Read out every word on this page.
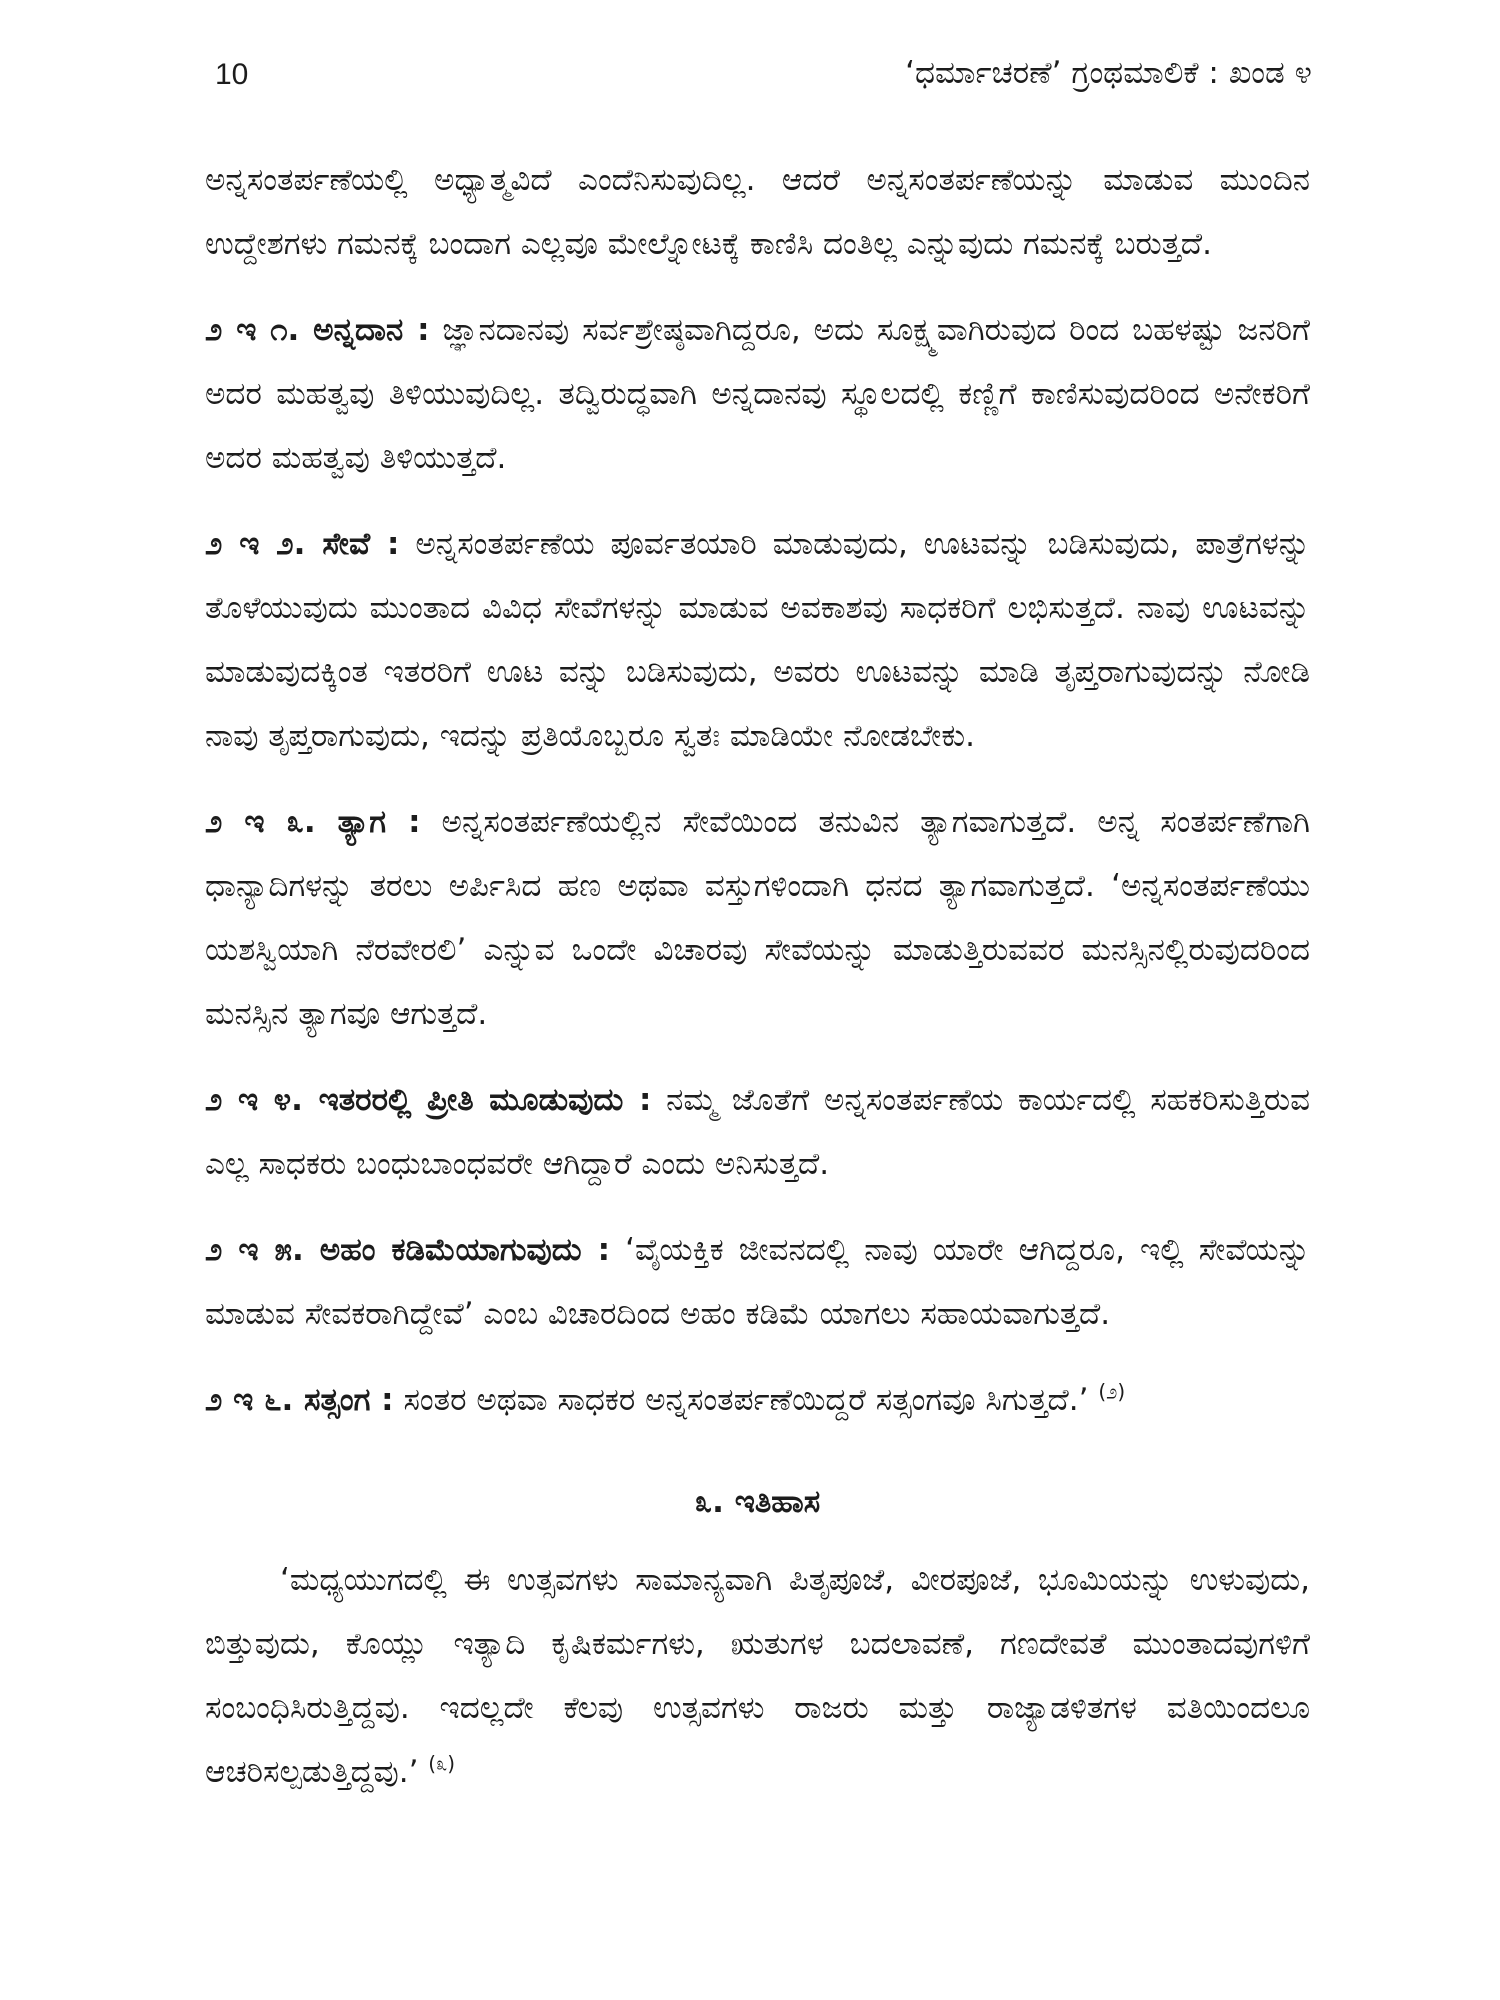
10	‘ಧರ್ಮಾಚರಣೆ’ ಗ್ರಂಥಮಾಲಿಕೆ : ಖಂಡ ೪

ಅನ್ನಸಂತರ್ಪಣೆಯಲ್ಲಿ ಅಧ್ಯಾತ್ಮವಿದೆ ಎಂದೆನಿಸುವುದಿಲ್ಲ. ಆದರೆ ಅನ್ನಸಂತರ್ಪಣೆಯನ್ನು ಮಾಡುವ ಮುಂದಿನ ಉದ್ದೇಶಗಳು ಗಮನಕ್ಕೆ ಬಂದಾಗ ಎಲ್ಲವೂ ಮೇಲ್ನೋಟಕ್ಕೆ ಕಾಣಿಸಿ ದಂತಿಲ್ಲ ಎನ್ನುವುದು ಗಮನಕ್ಕೆ ಬರುತ್ತದೆ.

೨ ಇ ೧. ಅನ್ನದಾನ : ಜ್ಞಾನದಾನವು ಸರ್ವಶ್ರೇಷ್ಠವಾಗಿದ್ದರೂ, ಅದು ಸೂಕ್ಷ್ಮವಾಗಿರುವುದ ರಿಂದ ಬಹಳಷ್ಟು ಜನರಿಗೆ ಅದರ ಮಹತ್ವವು ತಿಳಿಯುವುದಿಲ್ಲ. ತದ್ವಿರುದ್ಧವಾಗಿ ಅನ್ನದಾನವು ಸ್ಥೂಲದಲ್ಲಿ ಕಣ್ಣಿಗೆ ಕಾಣಿಸುವುದರಿಂದ ಅನೇಕರಿಗೆ ಅದರ ಮಹತ್ವವು ತಿಳಿಯುತ್ತದೆ.

೨ ಇ ೨. ಸೇವೆ : ಅನ್ನಸಂತರ್ಪಣೆಯ ಪೂರ್ವತಯಾರಿ ಮಾಡುವುದು, ಊಟವನ್ನು ಬಡಿಸುವುದು, ಪಾತ್ರೆಗಳನ್ನು ತೊಳೆಯುವುದು ಮುಂತಾದ ವಿವಿಧ ಸೇವೆಗಳನ್ನು ಮಾಡುವ ಅವಕಾಶವು ಸಾಧಕರಿಗೆ ಲಭಿಸುತ್ತದೆ. ನಾವು ಊಟವನ್ನು ಮಾಡುವುದಕ್ಕಿಂತ ಇತರರಿಗೆ ಊಟ ವನ್ನು ಬಡಿಸುವುದು, ಅವರು ಊಟವನ್ನು ಮಾಡಿ ತೃಪ್ತರಾಗುವುದನ್ನು ನೋಡಿ ನಾವು ತೃಪ್ತರಾಗುವುದು, ಇದನ್ನು ಪ್ರತಿಯೊಬ್ಬರೂ ಸ್ವತಃ ಮಾಡಿಯೇ ನೋಡಬೇಕು.

೨ ಇ ೩. ತ್ಯಾಗ : ಅನ್ನಸಂತರ್ಪಣೆಯಲ್ಲಿನ ಸೇವೆಯಿಂದ ತನುವಿನ ತ್ಯಾಗವಾಗುತ್ತದೆ. ಅನ್ನ ಸಂತರ್ಪಣೆಗಾಗಿ ಧಾನ್ಯಾದಿಗಳನ್ನು ತರಲು ಅರ್ಪಿಸಿದ ಹಣ ಅಥವಾ ವಸ್ತುಗಳಿಂದಾಗಿ ಧನದ ತ್ಯಾಗವಾಗುತ್ತದೆ. ‘ಅನ್ನಸಂತರ್ಪಣೆಯು ಯಶಸ್ವಿಯಾಗಿ ನೆರವೇರಲಿ’ ಎನ್ನುವ ಒಂದೇ ವಿಚಾರವು ಸೇವೆಯನ್ನು ಮಾಡುತ್ತಿರುವವರ ಮನಸ್ಸಿನಲ್ಲಿರುವುದರಿಂದ ಮನಸ್ಸಿನ ತ್ಯಾಗವೂ ಆಗುತ್ತದೆ.

೨ ಇ ೪. ಇತರರಲ್ಲಿ ಪ್ರೀತಿ ಮೂಡುವುದು : ನಮ್ಮ ಜೊತೆಗೆ ಅನ್ನಸಂತರ್ಪಣೆಯ ಕಾರ್ಯದಲ್ಲಿ ಸಹಕರಿಸುತ್ತಿರುವ ಎಲ್ಲ ಸಾಧಕರು ಬಂಧುಬಾಂಧವರೇ ಆಗಿದ್ದಾರೆ ಎಂದು ಅನಿಸುತ್ತದೆ.

೨ ಇ ೫. ಅಹಂ ಕಡಿಮೆಯಾಗುವುದು : ‘ವೈಯಕ್ತಿಕ ಜೀವನದಲ್ಲಿ ನಾವು ಯಾರೇ ಆಗಿದ್ದರೂ, ಇಲ್ಲಿ ಸೇವೆಯನ್ನು ಮಾಡುವ ಸೇವಕರಾಗಿದ್ದೇವೆ’ ಎಂಬ ವಿಚಾರದಿಂದ ಅಹಂ ಕಡಿಮೆ ಯಾಗಲು ಸಹಾಯವಾಗುತ್ತದೆ.

೨ ಇ ೬. ಸತ್ಸಂಗ : ಸಂತರ ಅಥವಾ ಸಾಧಕರ ಅನ್ನಸಂತರ್ಪಣೆಯಿದ್ದರೆ ಸತ್ಸಂಗವೂ ಸಿಗುತ್ತದೆ.’ $^{(೨)}$

೩. ಇತಿಹಾಸ

‘ಮಧ್ಯಯುಗದಲ್ಲಿ ಈ ಉತ್ಸವಗಳು ಸಾಮಾನ್ಯವಾಗಿ ಪಿತೃಪೂಜೆ, ವೀರಪೂಜೆ, ಭೂಮಿಯನ್ನು ಉಳುವುದು, ಬಿತ್ತುವುದು, ಕೊಯ್ಲು ಇತ್ಯಾದಿ ಕೃಷಿಕರ್ಮಗಳು, ಋತುಗಳ ಬದಲಾವಣೆ, ಗಣದೇವತೆ ಮುಂತಾದವುಗಳಿಗೆ ಸಂಬಂಧಿಸಿರುತ್ತಿದ್ದವು. ಇದಲ್ಲದೇ ಕೆಲವು ಉತ್ಸವಗಳು ರಾಜರು ಮತ್ತು ರಾಜ್ಯಾಡಳಿತಗಳ ವತಿಯಿಂದಲೂ ಆಚರಿಸಲ್ಪಡುತ್ತಿದ್ದವು.’ $^{(೩)}$
